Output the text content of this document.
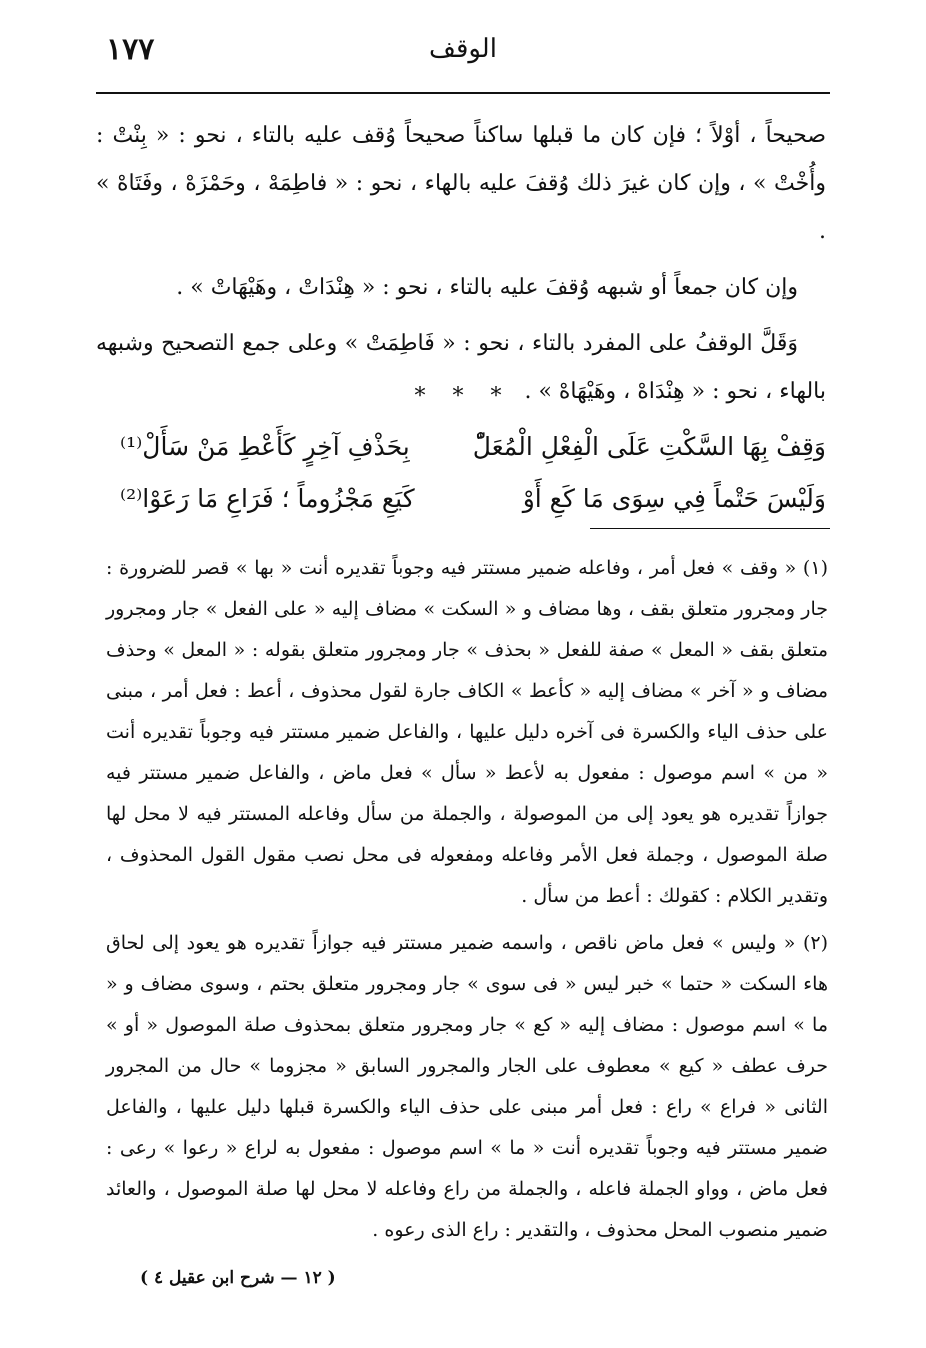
الوقف
١٧٧

صحيحاً ، أوْلاً ؛ فإن كان ما قبلها ساكناً صحيحاً وُقف عليه بالتاء ، نحو : « بِنْتْ : وأُخْتْ » ، وإن كان غيرَ ذلك وُقفَ عليه بالهاء ، نحو : « فاطِمَهْ ، وحَمْزَهْ ، وفَتَاهْ » .

وإن كان جمعاً أو شبهه وُقفَ عليه بالتاء ، نحو : « هِنْدَاتْ ، وهَيْهَاتْ » .

وَقَلَّ الوقفُ على المفرد بالتاء ، نحو : « فَاطِمَتْ » وعلى جمع التصحيح وشبهه بالهاء ، نحو : « هِنْدَاهْ ، وهَيْهَاهْ » .

* * *
وَقِفْ بِهَا السَّكْتِ عَلَى الْفِعْلِ الْمُعَلّْ
بِحَذْفِ آخِرٍ كَأَعْطِ مَنْ سَأَلْ⁽¹⁾
وَلَيْسَ حَتْماً فِي سِوَى مَا كَعِ أَوْ
كَيَعِ مَجْزُوماً ؛ فَرَاعِ مَا رَعَوْا⁽²⁾

(١) « وقف » فعل أمر ، وفاعله ضمير مستتر فيه وجوباً تقديره أنت « بها » قصر للضرورة : جار ومجرور متعلق بقف ، وها مضاف و « السكت » مضاف إليه « على الفعل » جار ومجرور متعلق بقف « المعل » صفة للفعل « بحذف » جار ومجرور متعلق بقوله : « المعل » وحذف مضاف و « آخر » مضاف إليه « كأعط » الكاف جارة لقول محذوف ، أعط : فعل أمر ، مبنى على حذف الياء والكسرة فى آخره دليل عليها ، والفاعل ضمير مستتر فيه وجوباً تقديره أنت « من » اسم موصول : مفعول به لأعط « سأل » فعل ماض ، والفاعل ضمير مستتر فيه جوازاً تقديره هو يعود إلى من الموصولة ، والجملة من سأل وفاعله المستتر فيه لا محل لها صلة الموصول ، وجملة فعل الأمر وفاعله ومفعوله فى محل نصب مقول القول المحذوف ، وتقدير الكلام : كقولك : أعط من سأل .

(٢) « وليس » فعل ماض ناقص ، واسمه ضمير مستتر فيه جوازاً تقديره هو يعود إلى لحاق هاء السكت « حتما » خبر ليس « فى سوى » جار ومجرور متعلق بحتم ، وسوى مضاف و « ما » اسم موصول : مضاف إليه « كع » جار ومجرور متعلق بمحذوف صلة الموصول « أو » حرف عطف « كيع » معطوف على الجار والمجرور السابق « مجزوما » حال من المجرور الثانى « فراع » راع : فعل أمر مبنى على حذف الياء والكسرة قبلها دليل عليها ، والفاعل ضمير مستتر فيه وجوباً تقديره أنت « ما » اسم موصول : مفعول به لراع « رعوا » رعى : فعل ماض ، وواو الجملة فاعله ، والجملة من راع وفاعله لا محل لها صلة الموصول ، والعائد ضمير منصوب المحل محذوف ، والتقدير : راع الذى رعوه .

( ١٢ — شرح ابن عقيل ٤ )
